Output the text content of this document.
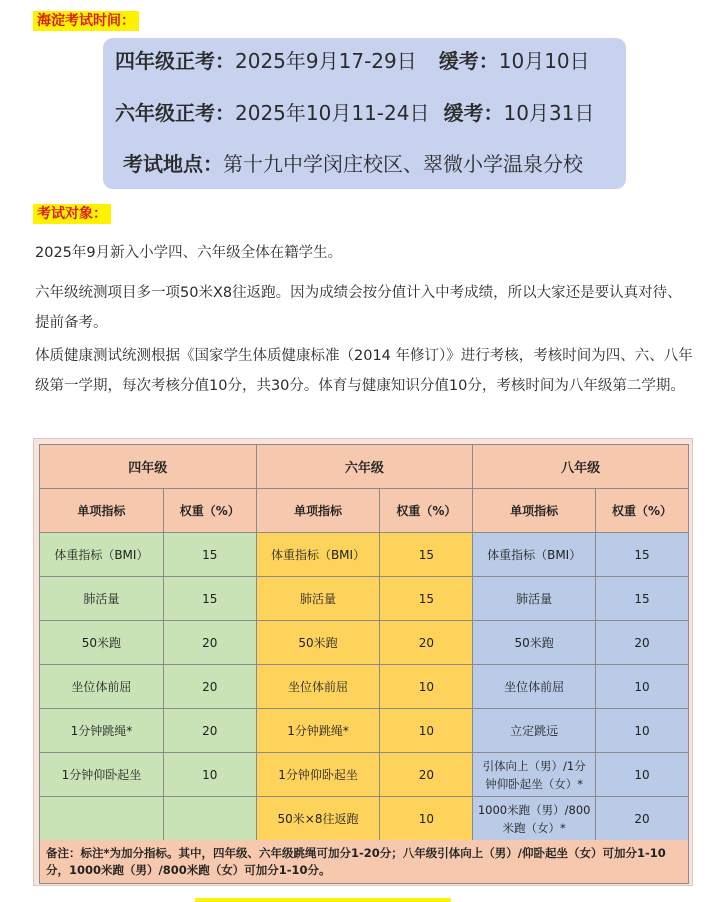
海淀考试时间：
四年级正考：2025年9月17-29日 缓考：10月10日
六年级正考：2025年10月11-24日 缓考：10月31日
考试地点：第十九中学闵庄校区、翠微小学温泉分校
考试对象：

2025年9月新入小学四、六年级全体在籍学生。

六年级统测项目多一项50米X8往返跑。因为成绩会按分值计入中考成绩，所以大家还是要认真对待、提前备考。

体质健康测试统测根据《国家学生体质健康标准（2014 年修订）》进行考核，考核时间为四、六、八年级第一学期，每次考核分值10分，共30分。体育与健康知识分值10分，考核时间为八年级第二学期。

四年级		六年级		八年级	
单项指标	权重（%）	单项指标	权重（%）	单项指标	权重（%）
体重指标（BMI）	15	体重指标（BMI）	15	体重指标（BMI）	15
肺活量	15	肺活量	15	肺活量	15
50米跑	20	50米跑	20	50米跑	20
坐位体前屈	20	坐位体前屈	10	坐位体前屈	10
1分钟跳绳*	20	1分钟跳绳*	10	立定跳远	10
1分钟仰卧起坐	10	1分钟仰卧起坐	20	引体向上（男）/1分钟仰卧起坐（女）*	10
		50米×8往返跑	10	1000米跑（男）/800米跑（女）*	20
备注：标注*为加分指标。其中，四年级、六年级跳绳可加分1-20分；八年级引体向上（男）/仰卧起坐（女）可加分1-10分，1000米跑（男）/800米跑（女）可加分1-10分。
